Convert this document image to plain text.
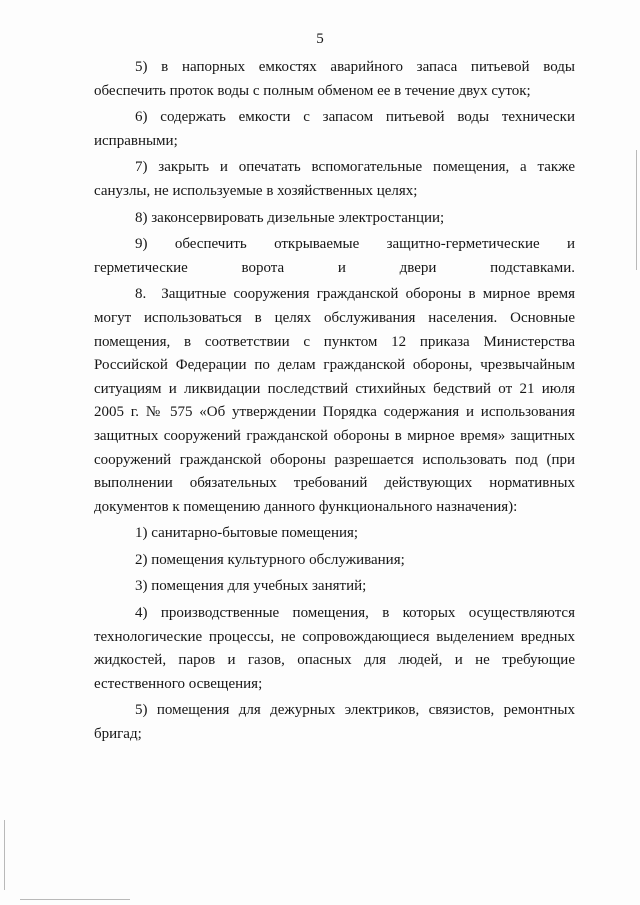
5

5) в напорных емкостях аварийного запаса питьевой воды обеспечить проток воды с полным обменом ее в течение двух суток;

6) содержать емкости с запасом питьевой воды технически исправными;

7) закрыть и опечатать вспомогательные помещения, а также санузлы, не используемые в хозяйственных целях;

8) законсервировать дизельные электростанции;

9) обеспечить открываемые защитно-герметические и
герметические ворота и двери подставками.

8. Защитные сооружения гражданской обороны в мирное время могут использоваться в целях обслуживания населения. Основные помещения, в соответствии с пунктом 12 приказа Министерства Российской Федерации по делам гражданской обороны, чрезвычайным ситуациям и ликвидации последствий стихийных бедствий от 21 июля 2005 г. № 575 «Об утверждении Порядка содержания и использования защитных сооружений гражданской обороны в мирное время» защитных сооружений гражданской обороны разрешается использовать под (при выполнении обязательных требований действующих нормативных документов к помещению данного функционального назначения):

1) санитарно-бытовые помещения;

2) помещения культурного обслуживания;

3) помещения для учебных занятий;

4) производственные помещения, в которых осуществляются технологические процессы, не сопровождающиеся выделением вредных жидкостей, паров и газов, опасных для людей, и не требующие естественного освещения;

5) помещения для дежурных электриков, связистов, ремонтных бригад;
